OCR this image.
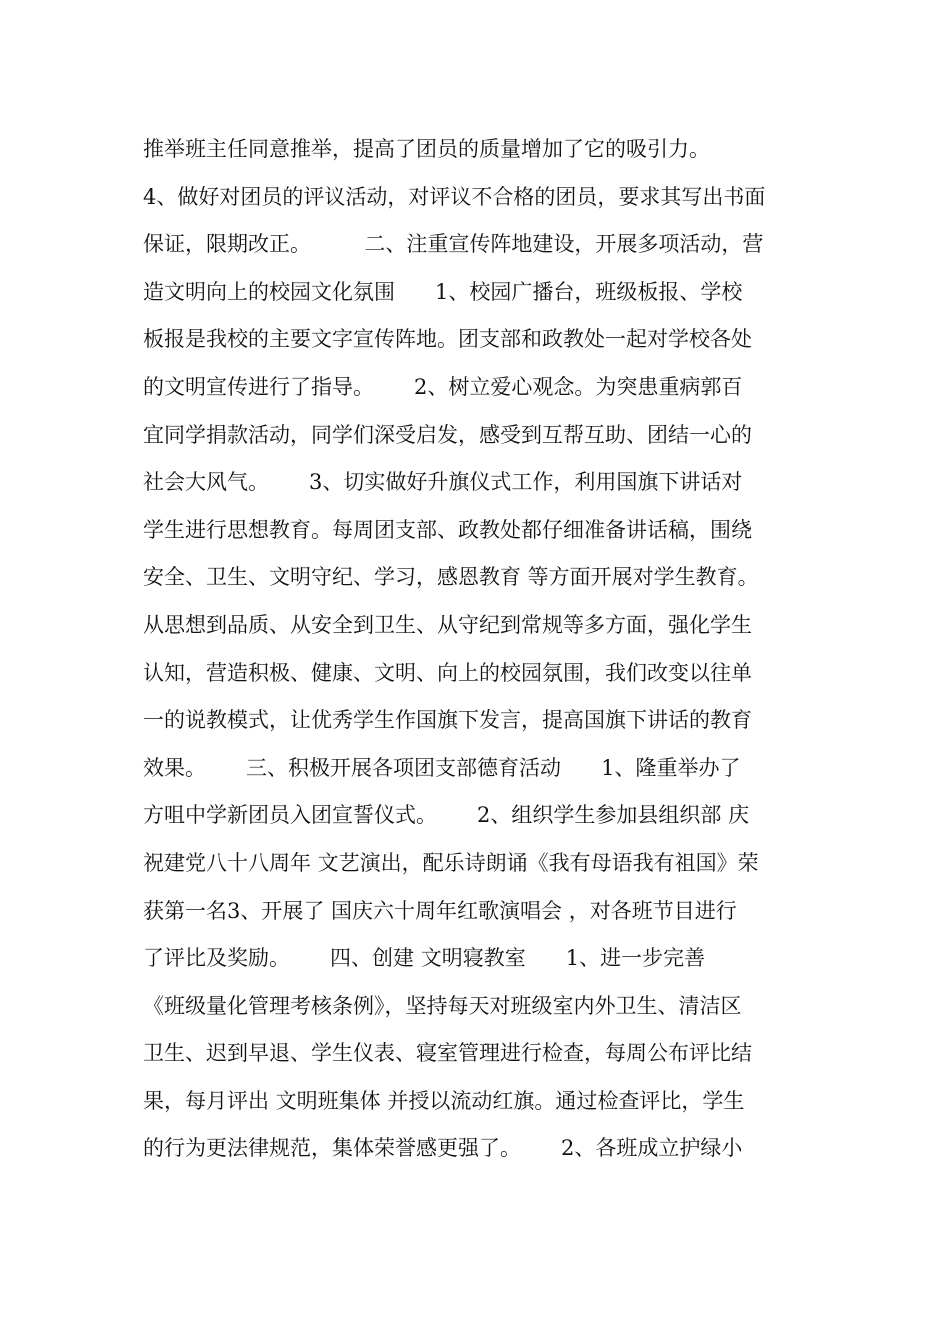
推举班主任同意推举，提高了团员的质量增加了它的吸引力。
4、做好对团员的评议活动，对评议不合格的团员，要求其写出书面
保证，限期改正。        二、注重宣传阵地建设，开展多项活动，营
造文明向上的校园文化氛围      1、校园广播台，班级板报、学校
板报是我校的主要文字宣传阵地。团支部和政教处一起对学校各处
的文明宣传进行了指导。      2、树立爱心观念。为突患重病郭百
宜同学捐款活动，同学们深受启发，感受到互帮互助、团结一心的
社会大风气。      3、切实做好升旗仪式工作，利用国旗下讲话对
学生进行思想教育。每周团支部、政教处都仔细准备讲话稿，围绕
安全、卫生、文明守纪、学习，感恩教育 等方面开展对学生教育。
从思想到品质、从安全到卫生、从守纪到常规等多方面，强化学生
认知，营造积极、健康、文明、向上的校园氛围，我们改变以往单
一的说教模式，让优秀学生作国旗下发言，提高国旗下讲话的教育
效果。      三、积极开展各项团支部德育活动      1、隆重举办了
方咀中学新团员入团宣誓仪式。      2、组织学生参加县组织部 庆
祝建党八十八周年 文艺演出，配乐诗朗诵《我有母语我有祖国》荣
获第一名3、开展了 国庆六十周年红歌演唱会 ，对各班节目进行
了评比及奖励。      四、创建 文明寝教室      1、进一步完善
《班级量化管理考核条例》，坚持每天对班级室内外卫生、清洁区
卫生、迟到早退、学生仪表、寝室管理进行检查，每周公布评比结
果，每月评出 文明班集体 并授以流动红旗。通过检查评比，学生
的行为更法律规范，集体荣誉感更强了。      2、各班成立护绿小
